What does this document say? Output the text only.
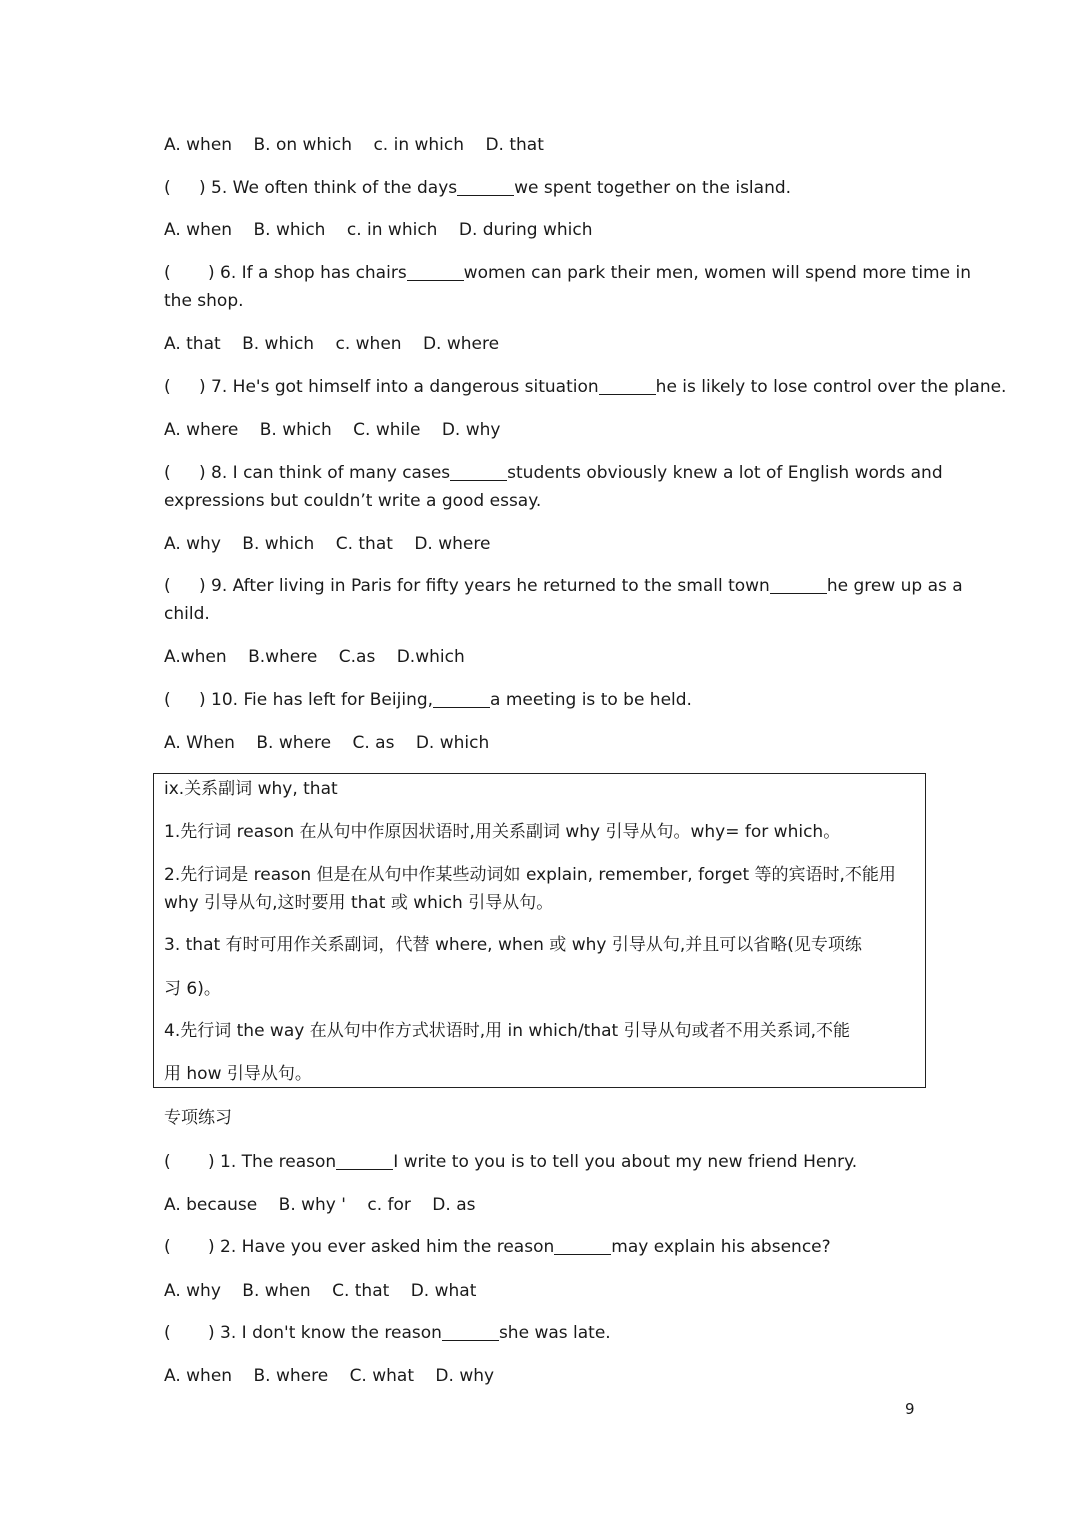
A. when B. on which c. in which D. that
( ) 5. We often think of the days	we spent together on the island.
A. when B. which c. in which D. during which
( ) 6. If a shop has chairs	women can park their men, women will spend more time in
the shop.
A. that B. which c. when D. where
( ) 7. He's got himself into a dangerous situation	he is likely to lose control over the plane.
A. where B. which C. while D. why
( ) 8. I can think of many cases	students obviously knew a lot of English words and
expressions but couldn’t write a good essay.
A. why B. which C. that D. where
( ) 9. After living in Paris for fifty years he returned to the small town	he grew up as a
child.
A.when B.where C.as D.which
( ) 10. Fie has left for Beijing,	a meeting is to be held.
A. When B. where C. as D. which
ix.关系副词 why, that
1.先行词 reason 在从句中作原因状语时,用关系副词 why 引导从句。why= for which。
2.先行词是 reason 但是在从句中作某些动词如 explain, remember, forget 等的宾语时,不能用
why 引导从句,这时要用 that 或 which 引导从句。
3. that 有时可用作关系副词，代替 where, when 或 why 引导从句,并且可以省略(见专项练
习 6)。
4.先行词 the way 在从句中作方式状语时,用 in which/that 引导从句或者不用关系词,不能
用 how 引导从句。
专项练习
( ) 1. The reason	I write to you is to tell you about my new friend Henry.
A. because B. why ' c. for D. as
( ) 2. Have you ever asked him the reason	may explain his absence?
A. why B. when C. that D. what
( ) 3. I don't know the reason	she was late.
A. when B. where C. what D. why
9
